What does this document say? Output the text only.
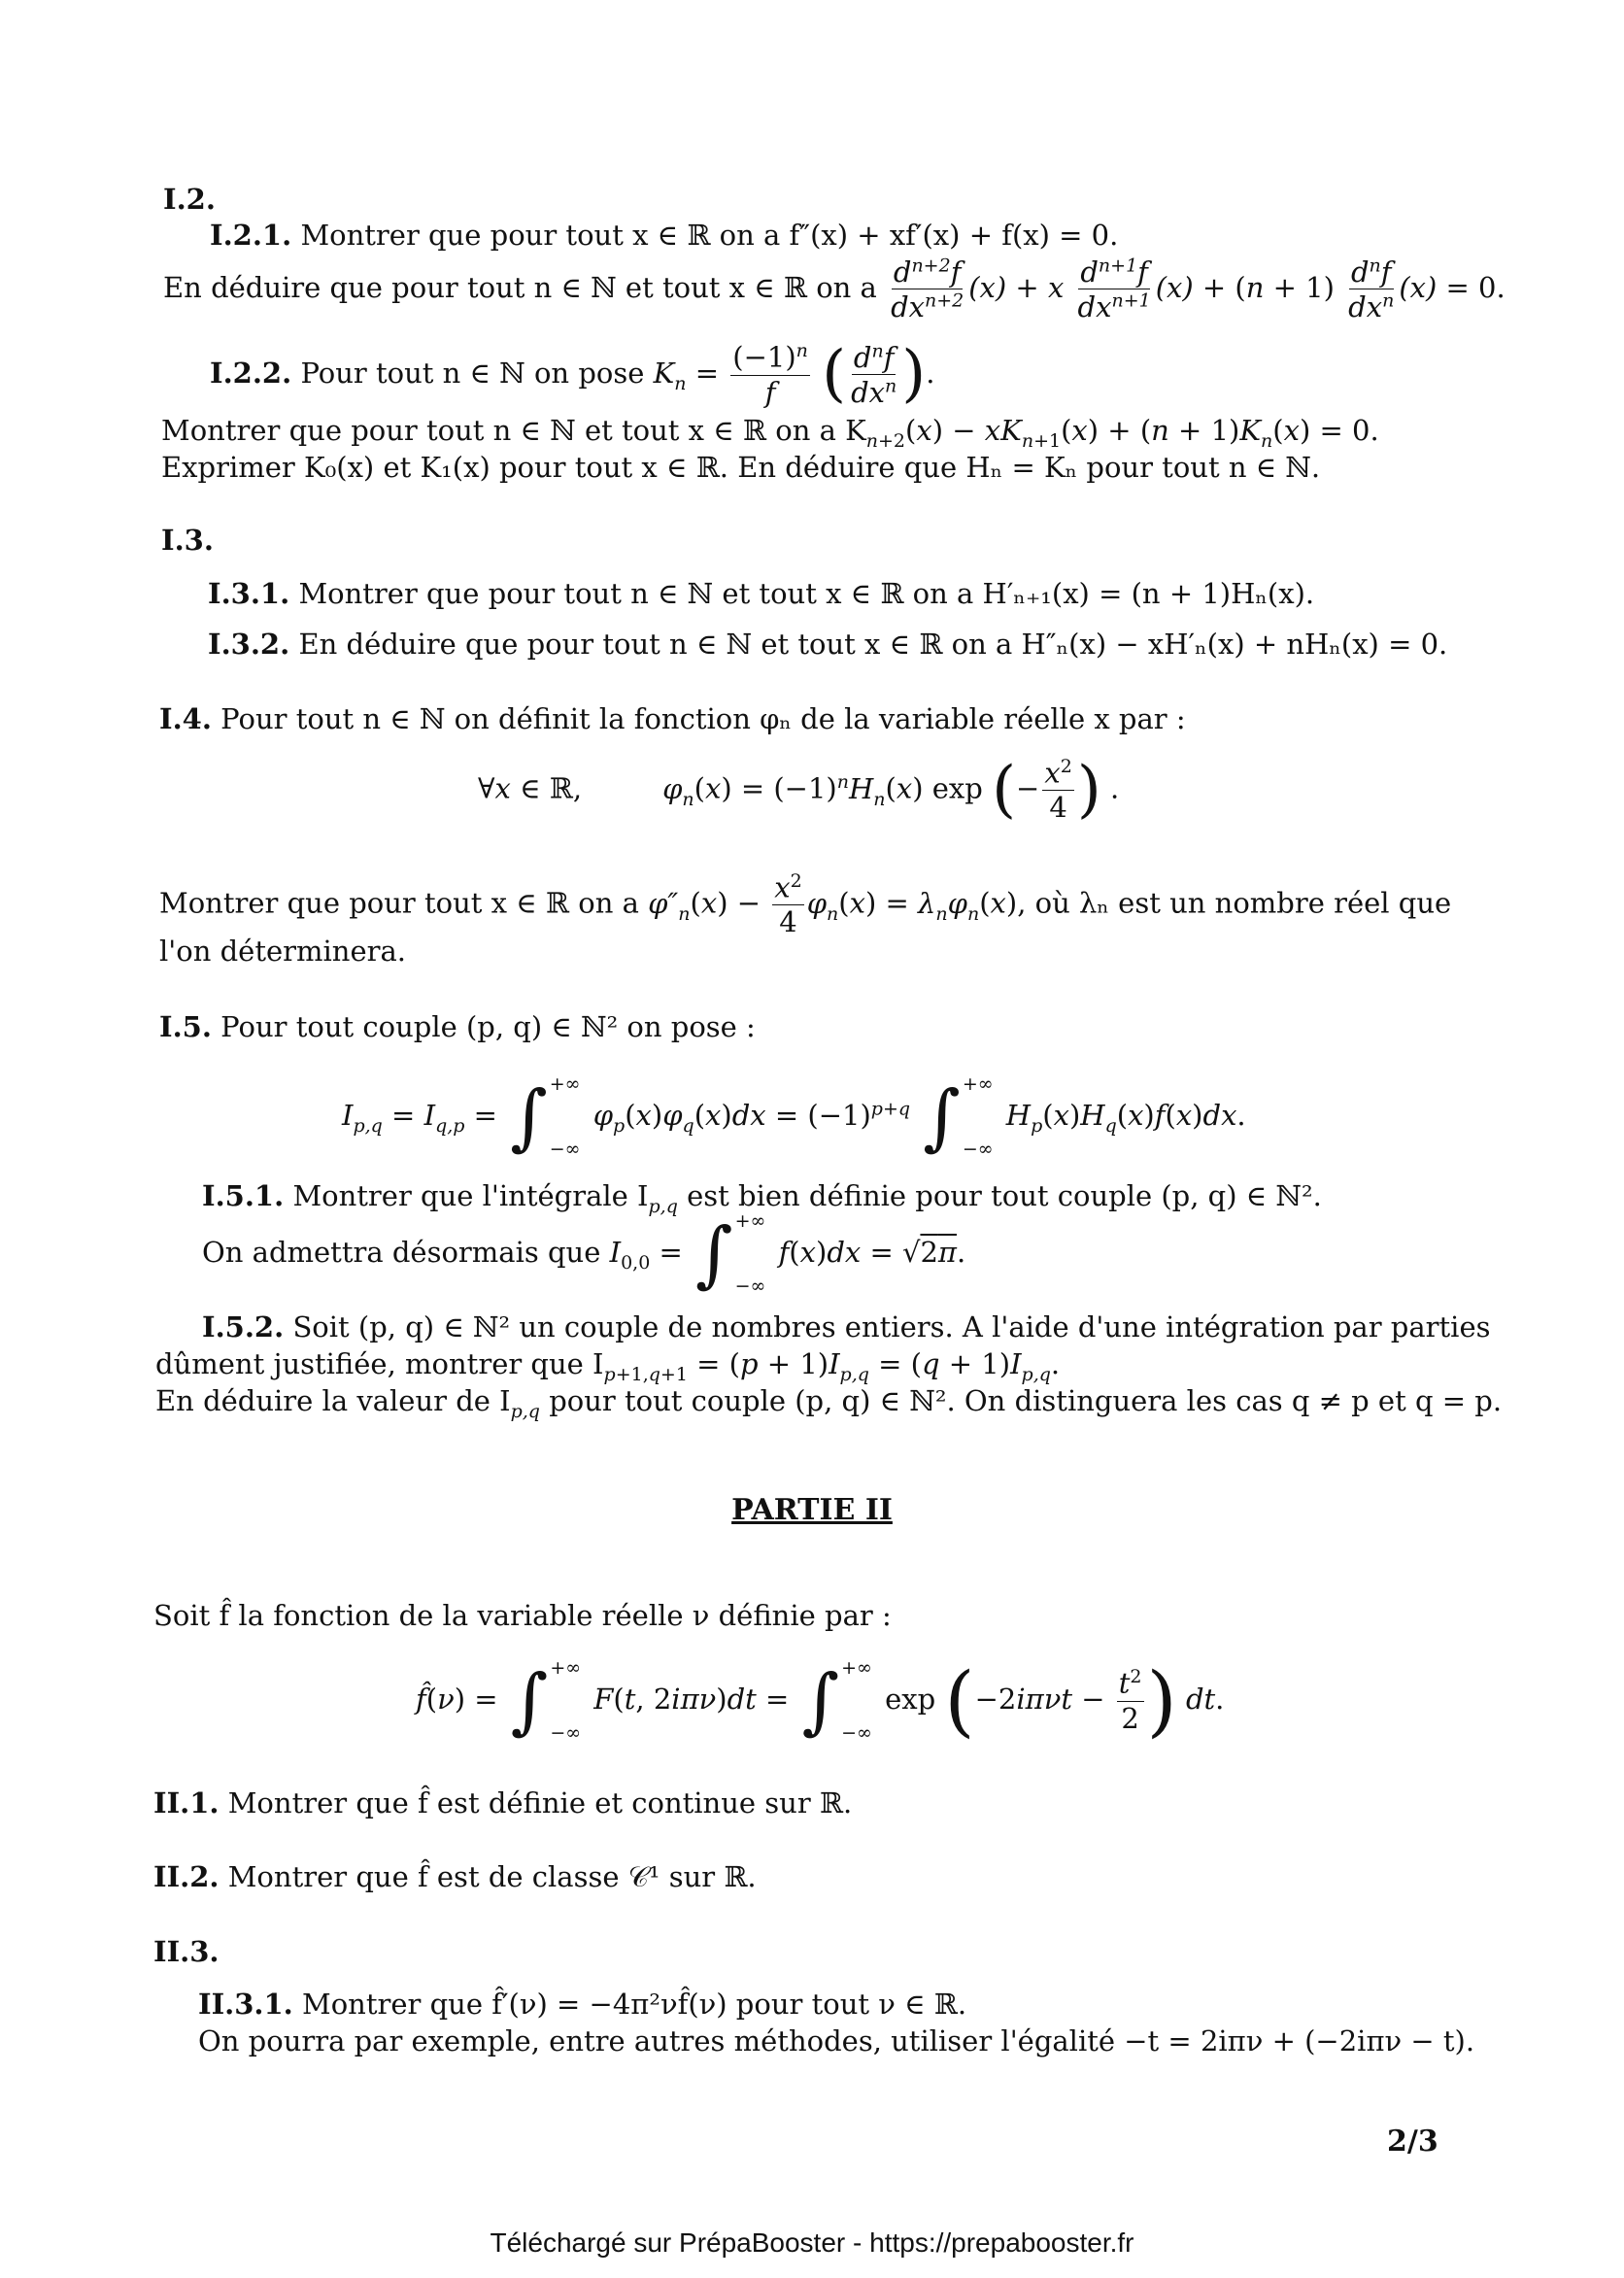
I.2.
I.2.1. Montrer que pour tout x ∈ ℝ on a f″(x) + xf′(x) + f(x) = 0.
En déduire que pour tout n ∈ ℕ et tout x ∈ ℝ on a $\frac{d^{n+2}f}{dx^{n+2}} (x) + x \frac{d^{n+1}f}{dx^{n+1}} (x) + (n + 1) \frac{d^nf}{dx^n} (x) = 0$.
I.2.2. Pour tout n ∈ ℕ on pose $K_n = \frac{(-1)^n}{f}$ ( $\frac{d^nf}{dx^n}$ ).
Montrer que pour tout n ∈ ℕ et tout x ∈ ℝ on a $K_{n+2}(x) - xK_{n+1}(x) + (n + 1)K_n(x) = 0$.
Exprimer K₀(x) et K₁(x) pour tout x ∈ ℝ. En déduire que Hₙ = Kₙ pour tout n ∈ ℕ.
I.3.
I.3.1. Montrer que pour tout n ∈ ℕ et tout x ∈ ℝ on a H′ₙ₊₁(x) = (n + 1)Hₙ(x).
I.3.2. En déduire que pour tout n ∈ ℕ et tout x ∈ ℝ on a H″ₙ(x) − xH′ₙ(x) + nHₙ(x) = 0.
I.4. Pour tout n ∈ ℕ on définit la fonction φₙ de la variable réelle x par :
∀x ∈ ℝ,         $\varphi_n(x) = (-1)^nH_n(x)$ exp (− $\frac{x^2}{4}$ ) .
Montrer que pour tout x ∈ ℝ on a $\varphi''_n(x) - \frac{x^2}{4} \varphi_n(x) = \lambda_n\varphi_n(x)$, où λₙ est un nombre réel que
l'on déterminera.
I.5. Pour tout couple (p, q) ∈ ℕ² on pose :
$I_{p,q} = I_{q,p}$ = ∫ +∞
−∞
$\varphi_p(x)\varphi_q(x)dx = (-1)^{p+q}$ ∫ +∞
−∞
$H_p(x)H_q(x)f(x)dx$.
I.5.1. Montrer que l'intégrale $I_{p,q}$ est bien définie pour tout couple (p, q) ∈ ℕ².
On admettra désormais que $I_{0,0}$ = ∫ +∞
−∞
f(x)dx = √2π.
I.5.2. Soit (p, q) ∈ ℕ² un couple de nombres entiers. A l'aide d'une intégration par parties
dûment justifiée, montrer que $I_{p+1,q+1} = (p + 1)I_{p,q} = (q + 1)I_{p,q}$.
En déduire la valeur de $I_{p,q}$ pour tout couple (p, q) ∈ ℕ². On distinguera les cas q ≠ p et q = p.
PARTIE II
Soit f̂ la fonction de la variable réelle ν définie par :
f̂(ν) = ∫ +∞
−∞
F(t, 2iπν)dt = ∫ +∞
−∞
$\exp (-2i\pi\nu t - \frac{t^2}{2}$ ) dt.
II.1. Montrer que f̂ est définie et continue sur ℝ.
II.2. Montrer que f̂ est de classe 𝒞¹ sur ℝ.
II.3.
II.3.1. Montrer que f̂′(ν) = −4π²νf̂(ν) pour tout ν ∈ ℝ.
On pourra par exemple, entre autres méthodes, utiliser l'égalité −t = 2iπν + (−2iπν − t).
2/3
Téléchargé sur PrépaBooster - https://prepabooster.fr
